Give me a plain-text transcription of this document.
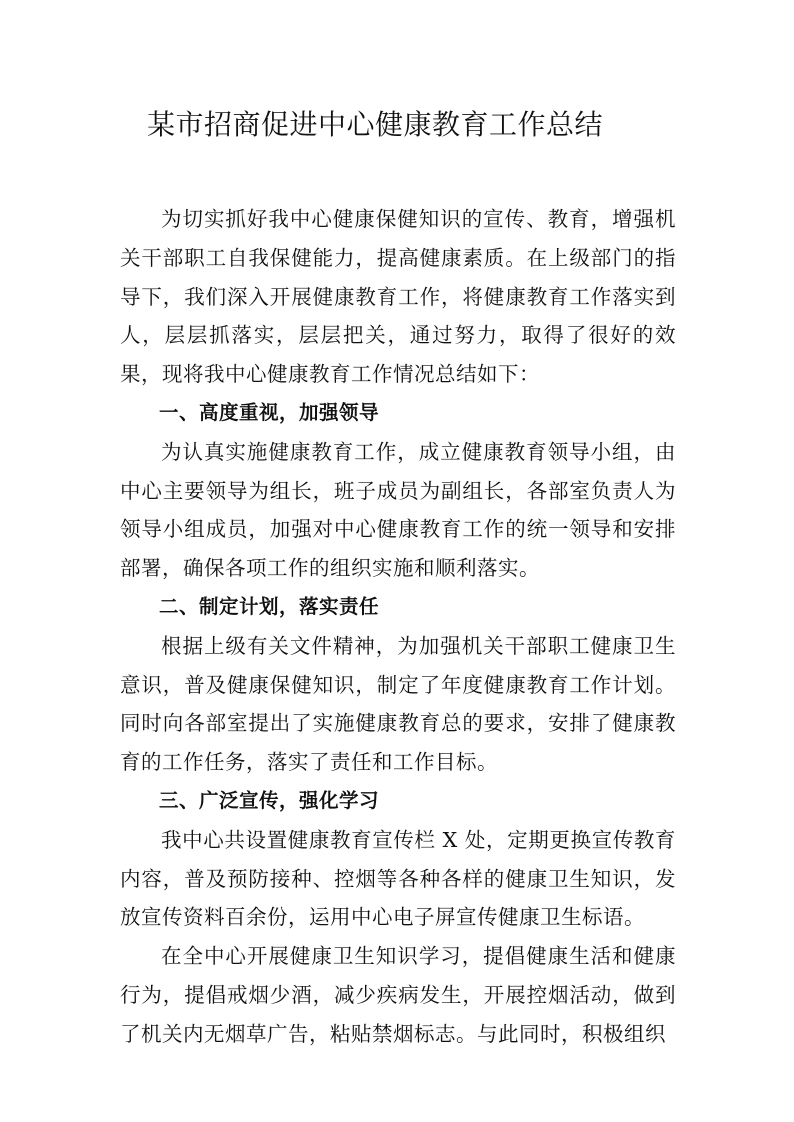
某市招商促进中心健康教育工作总结

为切实抓好我中心健康保健知识的宣传、教育，增强机关干部职工自我保健能力，提高健康素质。在上级部门的指导下，我们深入开展健康教育工作，将健康教育工作落实到人，层层抓落实，层层把关，通过努力，取得了很好的效果，现将我中心健康教育工作情况总结如下：

一、高度重视，加强领导

为认真实施健康教育工作，成立健康教育领导小组，由中心主要领导为组长，班子成员为副组长，各部室负责人为领导小组成员，加强对中心健康教育工作的统一领导和安排部署，确保各项工作的组织实施和顺利落实。

二、制定计划，落实责任

根据上级有关文件精神，为加强机关干部职工健康卫生意识，普及健康保健知识，制定了年度健康教育工作计划。 同时向各部室提出了实施健康教育总的要求，安排了健康教育的工作任务，落实了责任和工作目标。

三、广泛宣传，强化学习

我中心共设置健康教育宣传栏 X 处，定期更换宣传教育内容，普及预防接种、控烟等各种各样的健康卫生知识，发放宣传资料百余份，运用中心电子屏宣传健康卫生标语。

在全中心开展健康卫生知识学习，提倡健康生活和健康行为，提倡戒烟少酒，减少疾病发生，开展控烟活动，做到了机关内无烟草广告，粘贴禁烟标志。与此同时，积极组织
